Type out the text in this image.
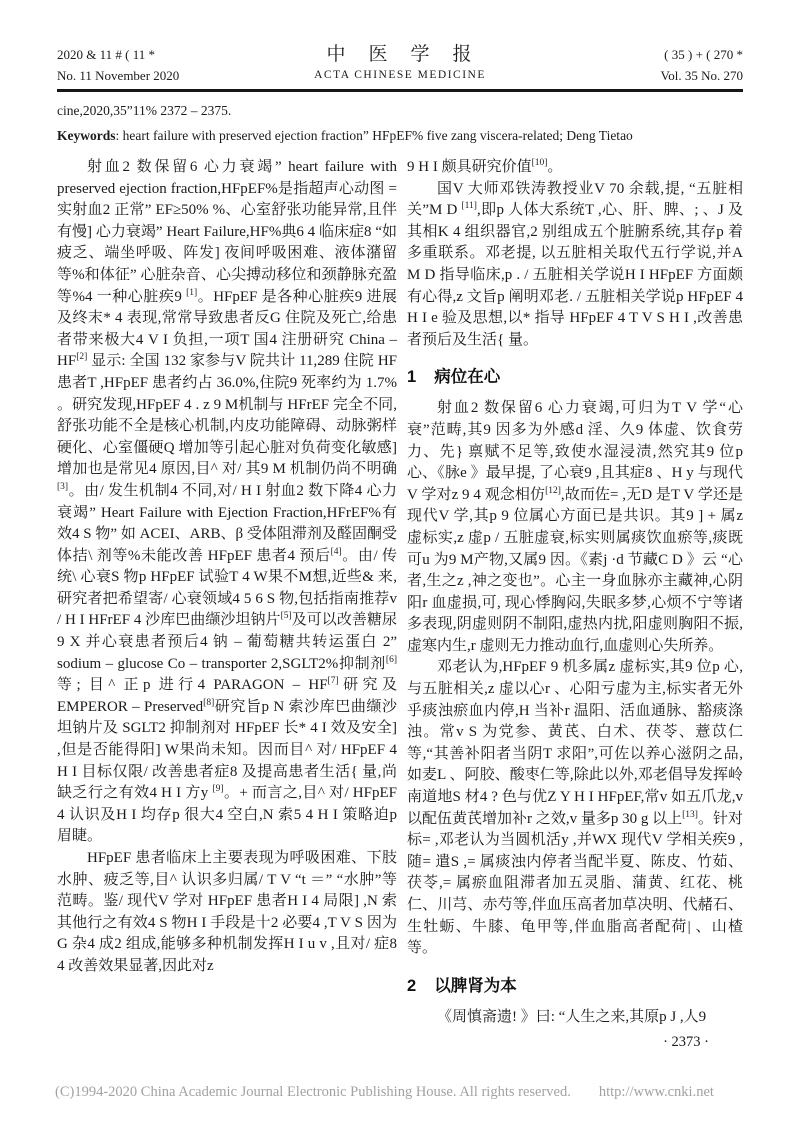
2020 & 11 # ( 11 *
No. 11 November 2020
中　医　学　报
ACTA CHINESE MEDICINE
( 35 ) + ( 270 *
Vol. 35 No. 270
cine,2020,35”11% 2372 – 2375.
Keywords: heart failure with preserved ejection fraction” HFpEF% five zang viscera-related; Deng Tietao

射血2 数保留6 心力衰竭” heart failure with preserved ejection fraction,HFpEF%是指超声心动图 = 实射血2 正常” EF≥50% %、心室舒张功能异常,且伴有慢] 心力衰竭” Heart Failure,HF%典6 4 临床症8 “如疲乏、端坐呼吸、阵发] 夜间呼吸困难、液体潴留等%和体征” 心脏杂音、心尖搏动移位和颈静脉充盈等%4 一种心脏疾9 [1]。HFpEF 是各种心脏疾9 进展及终末* 4 表现,常常导致患者反G 住院及死亡,给患者带来极大4 V I 负担,一项T 国4 注册研究 China – HF[2] 显示: 全国 132 家参与V 院共计 11,289 住院 HF 患者T ,HFpEF 患者约占 36.0%,住院9 死率约为 1.7% 。研究发现,HFpEF 4 . z 9 M机制与 HFrEF 完全不同,舒张功能不全是核心机制,内皮功能障碍、动脉粥样硬化、心室僵硬Q 增加等引起心脏对负荷变化敏感] 增加也是常见4 原因,目^ 对/ 其9 M 机制仍尚不明确[3]。由/ 发生机制4 不同,对/ H I 射血2 数下降4 心力衰竭” Heart Failure with Ejection Fraction,HFrEF%有效4 S 物” 如 ACEI、ARB、β 受体阻滞剂及醛固酮受体拮\ 剂等%未能改善 HFpEF 患者4 预后[4]。由/ 传统\ 心衰S 物p HFpEF 试验T 4 W果不M想,近些& 来,研究者把希望寄/ 心衰领域4 5 6 S 物,包括指南推荐v / H I HFrEF 4 沙库巴曲缬沙坦钠片[5]及可以改善糖尿9 X 并心衰患者预后4 钠 – 葡萄糖共转运蛋白 2” sodium – glucose Co – transporter 2,SGLT2%抑制剂[6]等; 目^ 正p 进行4 PARAGON – HF[7]研究及 EMPEROR – Preserved[8]研究旨p N 索沙库巴曲缬沙坦钠片及 SGLT2 抑制剂对 HFpEF 长* 4 I 效及安全] ,但是否能得阳] W果尚未知。因而目^ 对/ HFpEF 4 H I 目标仅限/ 改善患者症8 及提高患者生活{ 量,尚缺乏行之有效4 H I 方y [9]。+ 而言之,目^ 对/ HFpEF 4 认识及H I 均存p 很大4 空白,N 索5 4 H I 策略迫p 眉睫。

HFpEF 患者临床上主要表现为呼吸困难、下肢水肿、疲乏等,目^ 认识多归属/ T V “t ＝” “水肿”等范畴。鉴/ 现代V 学对 HFpEF 患者H I 4 局限] ,N 索其他行之有效4 S 物H I 手段是十2 必要4 ,T V S 因为G 杂4 成2 组成,能够多种机制发挥H I u v ,且对/ 症8 4 改善效果显著,因此对z

9 H I 颇具研究价值[10]。

国V 大师邓铁涛教授业V 70 余载,提, “五脏相关”M D [11],即p 人体大系统T ,心、肝、脾、; 、J 及其相K 4 组织器官,2 别组成五个脏腑系统,其存p 着多重联系。邓老提, 以五脏相关取代五行学说,并A M D 指导临床,p . / 五脏相关学说H I HFpEF 方面颇有心得,z 文旨p 阐明邓老. / 五脏相关学说p HFpEF 4 H I e 验及思想,以* 指导 HFpEF 4 T V S H I ,改善患者预后及生活{ 量。

1 病位在心

射血2 数保留6 心力衰竭,可归为T V 学“心衰”范畴,其9 因多为外感d 淫、久9 体虚、饮食劳力、先} 禀赋不足等,致使水湿浸渍,然究其9 位p 心、《脉e 》最早提, 了心衰9 ,且其症8 、H y 与现代V 学对z 9 4 观念相仿[12],故而佐= ,无D 是T V 学还是现代V 学,其p 9 位属心方面已是共识。其9 ] + 属z 虚标实,z 虚p / 五脏虚衰,标实则属痰饮血瘀等,痰既可u 为9 M产物,又属9 因。《素j ·d 节藏C D 》云 “心者,生之z ,神之变也”。心主一身血脉亦主藏神,心阴阳r 血虚损,可, 现心悸胸闷,失眠多梦,心烦不宁等诸多表现,阴虚则阴不制阳,虚热内扰,阳虚则胸阳不振,虚寒内生,r 虚则无力推动血行,血虚则心失所养。

邓老认为,HFpEF 9 机多属z 虚标实,其9 位p 心,与五脏相关,z 虚以心r 、心阳亏虚为主,标实者无外乎痰浊瘀血内停,H 当补r 温阳、活血通脉、豁痰涤浊。常v S 为党参、黄芪、白术、茯苓、薏苡仁等,“其善补阳者当阴T 求阳”,可佐以养心滋阴之品,如麦L 、阿胶、酸枣仁等,除此以外,邓老倡导发挥岭南道地S 材4 ? 色与优Z Y H I HFpEF,常v 如五爪龙,v 以配伍黄芪增加补r 之效,v 量多p 30 g 以上[13]。针对标= ,邓老认为当圆机活y ,并WX 现代V 学相关疾9 ,随= 遣S ,= 属痰浊内停者当配半夏、陈皮、竹茹、茯苓,= 属瘀血阻滞者加五灵脂、蒲黄、红花、桃仁、川芎、赤芍等,伴血压高者加草决明、代赭石、生牡蛎、牛膝、龟甲等,伴血脂高者配荷| 、山楂等。

2 以脾肾为本

《周慎斋遗! 》曰: “人生之来,其原p J ,人9

· 2373 ·
(C)1994-2020 China Academic Journal Electronic Publishing House. All rights reserved. http://www.cnki.net
